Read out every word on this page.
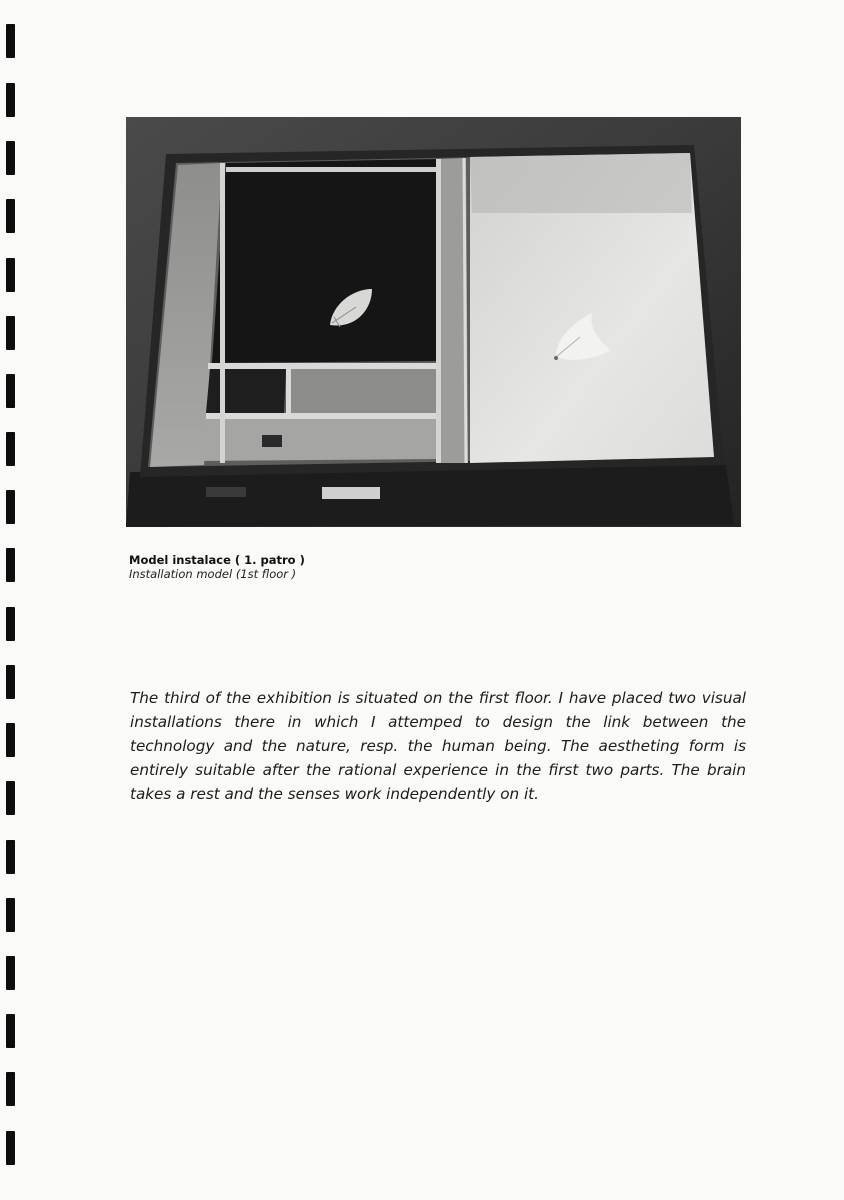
Model instalace ( 1. patro )
Installation model (1st floor )

The third of the exhibition is situated on the first floor. I have placed two visual installations there in which I attemped to design the link between the technology and the nature, resp. the human being. The aestheting form is entirely suitable after the rational experience in the first two parts. The brain takes a rest and the senses work independently on it.
